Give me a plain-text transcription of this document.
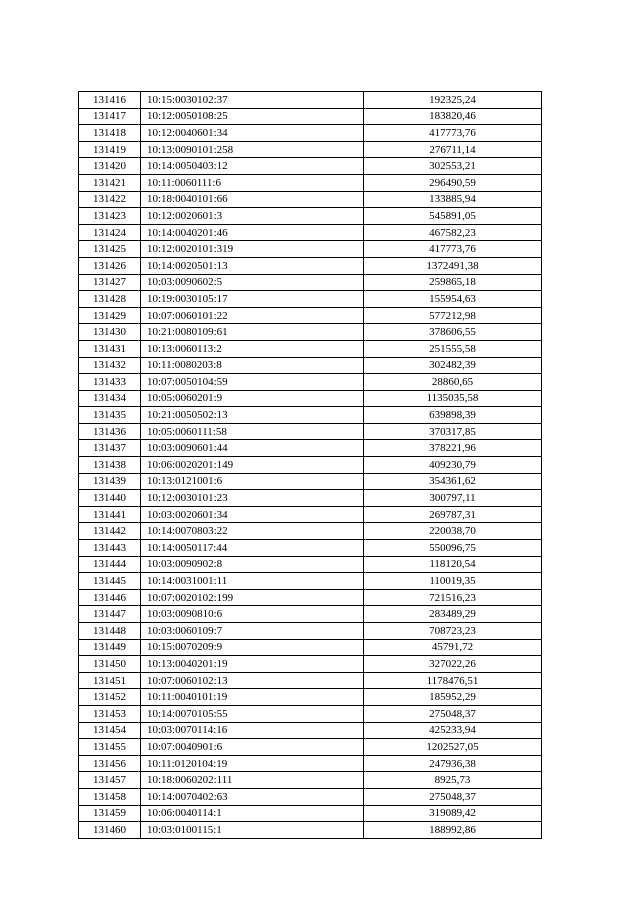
131416	10:15:0030102:37	192325,24
131417	10:12:0050108:25	183820,46
131418	10:12:0040601:34	417773,76
131419	10:13:0090101:258	276711,14
131420	10:14:0050403:12	302553,21
131421	10:11:0060111:6	296490,59
131422	10:18:0040101:66	133885,94
131423	10:12:0020601:3	545891,05
131424	10:14:0040201:46	467582,23
131425	10:12:0020101:319	417773,76
131426	10:14:0020501:13	1372491,38
131427	10:03:0090602:5	259865,18
131428	10:19:0030105:17	155954,63
131429	10:07:0060101:22	577212,98
131430	10:21:0080109:61	378606,55
131431	10:13:0060113:2	251555,58
131432	10:11:0080203:8	302482,39
131433	10:07:0050104:59	28860,65
131434	10:05:0060201:9	1135035,58
131435	10:21:0050502:13	639898,39
131436	10:05:0060111:58	370317,85
131437	10:03:0090601:44	378221,96
131438	10:06:0020201:149	409230,79
131439	10:13:0121001:6	354361,62
131440	10:12:0030101:23	300797,11
131441	10:03:0020601:34	269787,31
131442	10:14:0070803:22	220038,70
131443	10:14:0050117:44	550096,75
131444	10:03:0090902:8	118120,54
131445	10:14:0031001:11	110019,35
131446	10:07:0020102:199	721516,23
131447	10:03:0090810:6	283489,29
131448	10:03:0060109:7	708723,23
131449	10:15:0070209:9	45791,72
131450	10:13:0040201:19	327022,26
131451	10:07:0060102:13	1178476,51
131452	10:11:0040101:19	185952,29
131453	10:14:0070105:55	275048,37
131454	10:03:0070114:16	425233,94
131455	10:07:0040901:6	1202527,05
131456	10:11:0120104:19	247936,38
131457	10:18:0060202:111	8925,73
131458	10:14:0070402:63	275048,37
131459	10:06:0040114:1	319089,42
131460	10:03:0100115:1	188992,86
